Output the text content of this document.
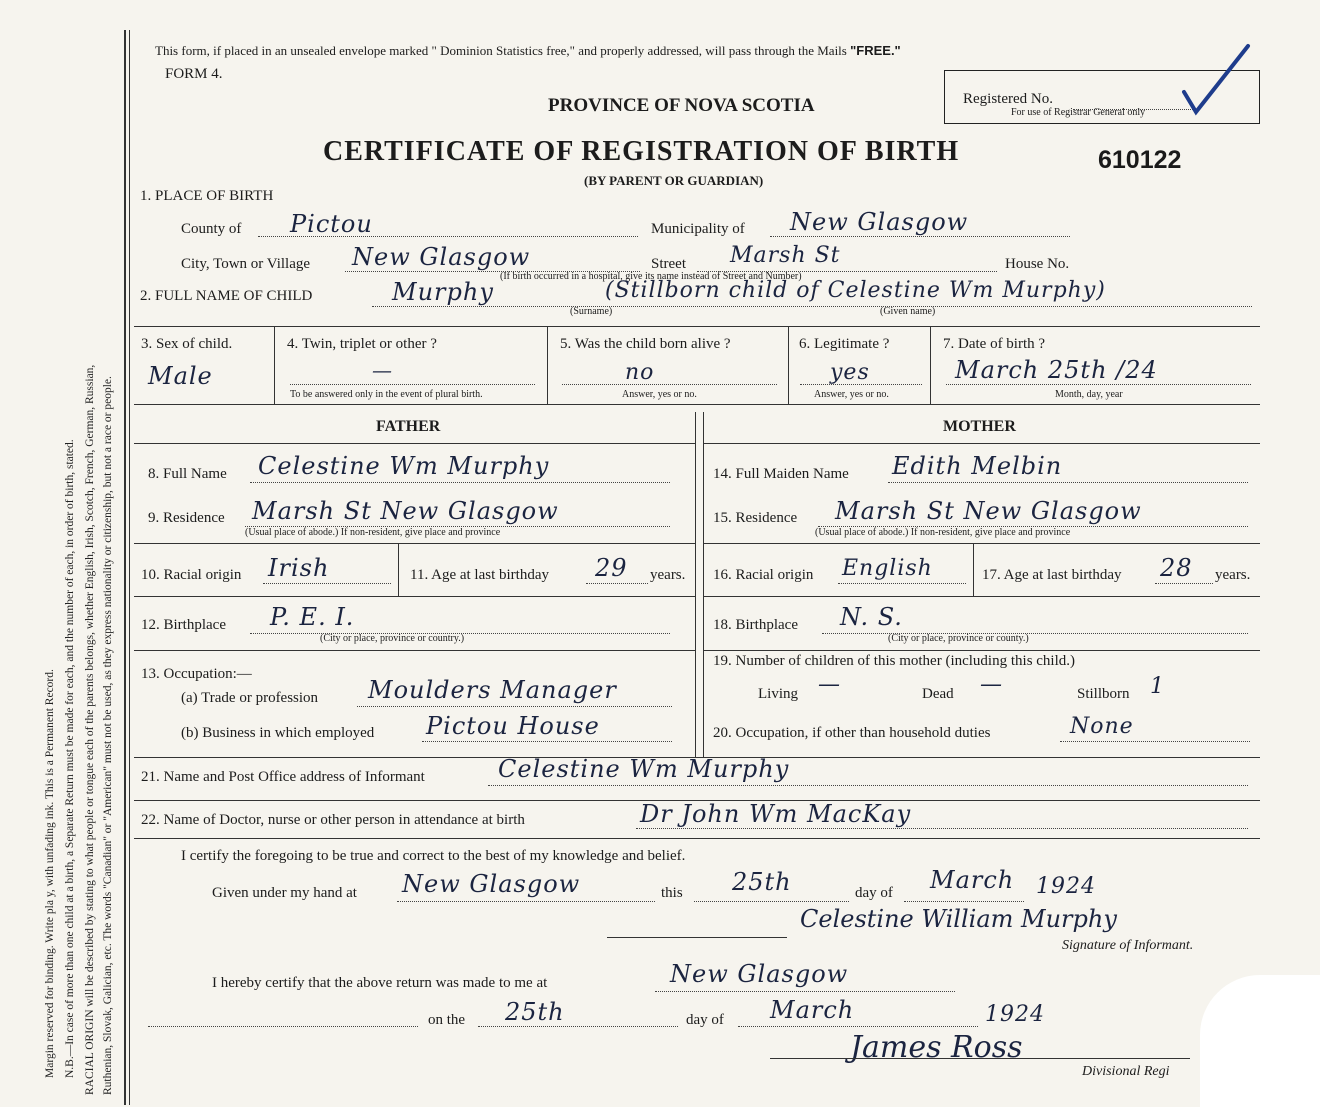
Margin reserved for binding. Write pla y, with unfading ink. This is a Permanent Record. N.B.—In case of more than one child at a birth, a Separate Return must be made for each, and the number of each, in order of birth, stated. RACIAL ORIGIN will be described by stating to what people or tongue each of the parents belongs, whether English, Irish, Scotch, French, German, Russian, Ruthenian, Slovak, Galician, etc. The words "Canadian" or "American" must not be used, as they express nationality or citizenship, but not a race or people.
This form, if placed in an unsealed envelope marked " Dominion Statistics free," and properly addressed, will pass through the Mails "FREE."
FORM 4.
PROVINCE OF NOVA SCOTIA
CERTIFICATE OF REGISTRATION OF BIRTH
(BY PARENT OR GUARDIAN)
610122
Registered No.
For use of Registrar General only
1. PLACE OF BIRTH
County of Pictou	Municipality of New Glasgow
City, Town or Village New Glasgow	Street Marsh St	House No.
(If birth occurred in a hospital, give its name instead of Street and Number)
2. FULL NAME OF CHILD	Murphy	(Stillborn child of Celestine Wm Murphy)
(Surname)	(Given name)
3. Sex of child.
Male
4. Twin, triplet or other ?
—
To be answered only in the event of plural birth.
5. Was the child born alive ?
no
Answer, yes or no.
6. Legitimate ?
yes
Answer, yes or no.
7. Date of birth ?
March 25th /24
Month, day, year
FATHER	MOTHER
8. Full Name Celestine Wm Murphy
9. Residence Marsh St New Glasgow
(Usual place of abode.) If non-resident, give place and province
10. Racial origin Irish	11. Age at last birthday 29 years.
12. Birthplace P. E. I.
(City or place, province or country.)
13. Occupation:—
(a) Trade or profession Moulders Manager
(b) Business in which employed Pictou House
14. Full Maiden Name Edith Melbin
15. Residence Marsh St New Glasgow
(Usual place of abode.) If non-resident, give place and province
16. Racial origin English	17. Age at last birthday 28 years.
18. Birthplace N. S.
(City or place, province or county.)
19. Number of children of this mother (including this child.)
Living —	Dead —	Stillborn 1
20. Occupation, if other than household duties	None
21. Name and Post Office address of Informant	Celestine Wm Murphy
22. Name of Doctor, nurse or other person in attendance at birth	Dr John Wm MacKay
I certify the foregoing to be true and correct to the best of my knowledge and belief.
Given under my hand at New Glasgow	this 25th	day of March 1924
Celestine William Murphy
Signature of Informant.
I hereby certify that the above return was made to me at	New Glasgow
on the 25th	day of March	1924
James Ross
Divisional Regi
